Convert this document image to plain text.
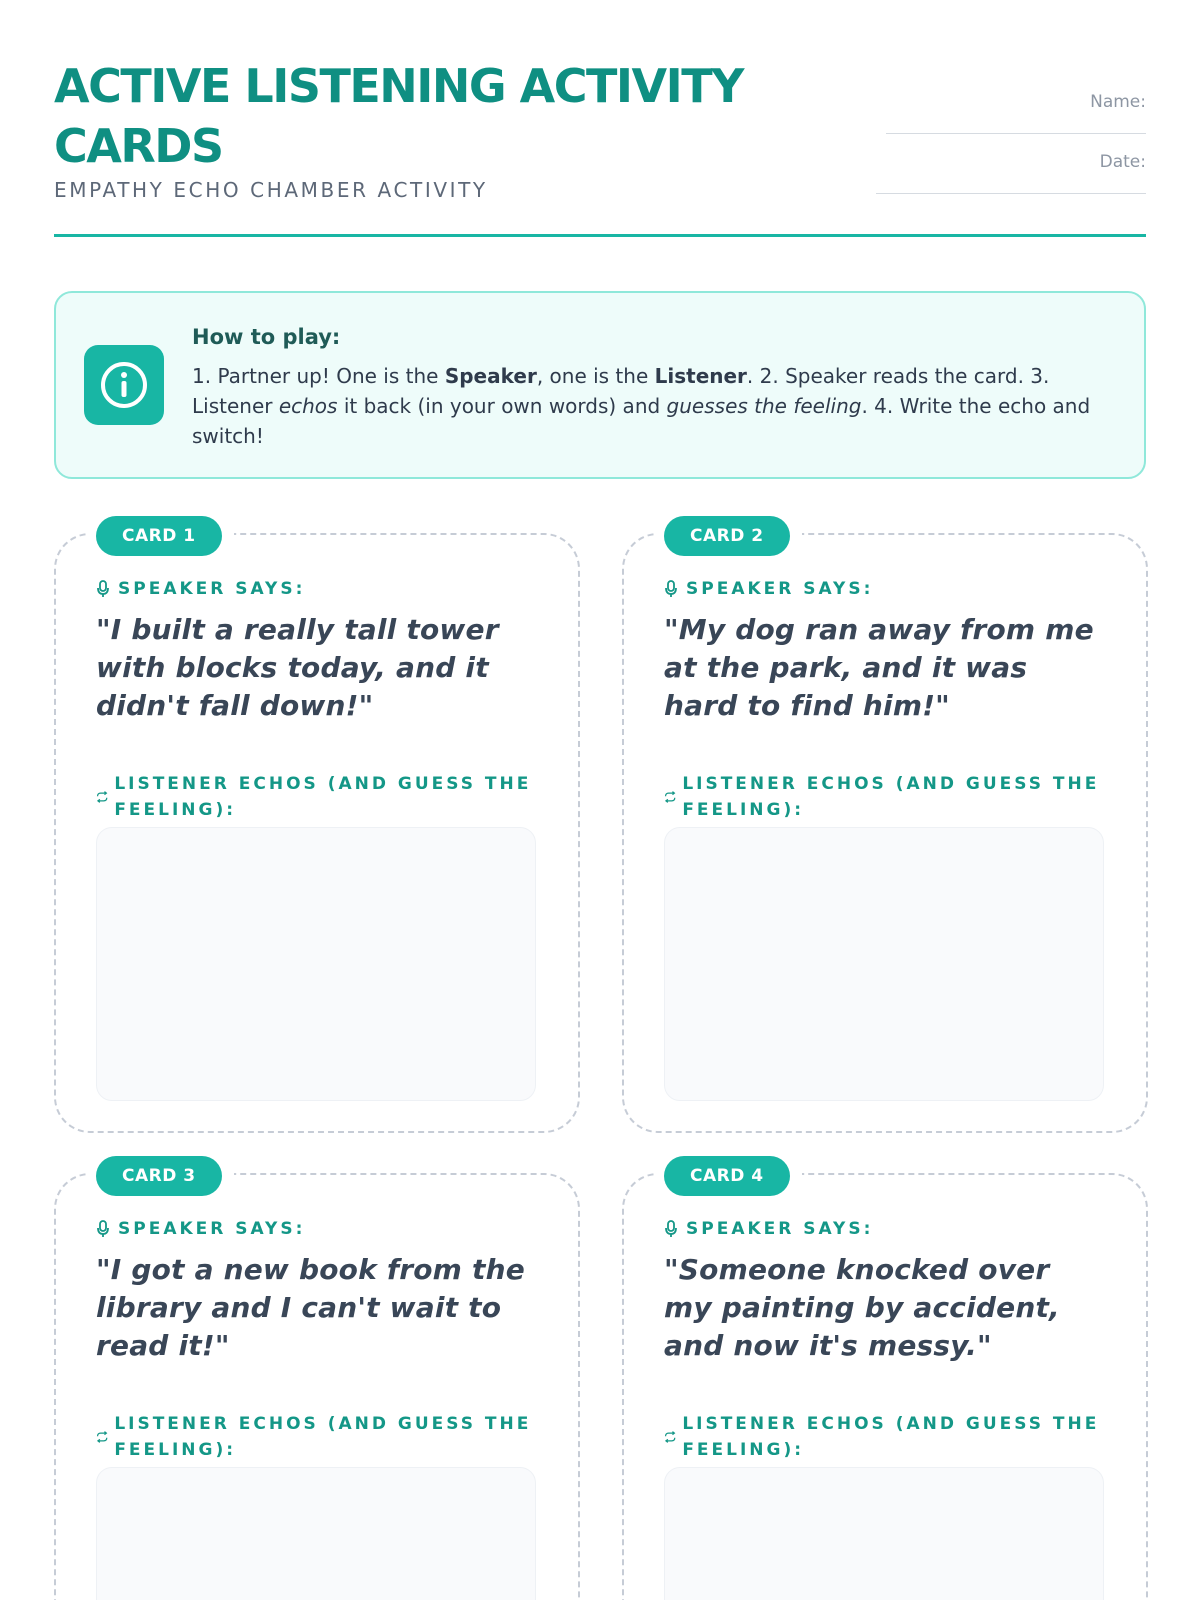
ACTIVE LISTENING ACTIVITY CARDS
EMPATHY ECHO CHAMBER ACTIVITY
Name:
Date:
How to play:
1. Partner up! One is the Speaker, one is the Listener. 2. Speaker reads the card. 3. Listener echos it back (in your own words) and guesses the feeling. 4. Write the echo and switch!
CARD 1
SPEAKER SAYS:
"I built a really tall tower with blocks today, and it didn't fall down!"
LISTENER ECHOS (AND GUESS THE FEELING):
CARD 2
SPEAKER SAYS:
"My dog ran away from me at the park, and it was hard to find him!"
LISTENER ECHOS (AND GUESS THE FEELING):
CARD 3
SPEAKER SAYS:
"I got a new book from the library and I can't wait to read it!"
LISTENER ECHOS (AND GUESS THE FEELING):
CARD 4
SPEAKER SAYS:
"Someone knocked over my painting by accident, and now it's messy."
LISTENER ECHOS (AND GUESS THE FEELING):
